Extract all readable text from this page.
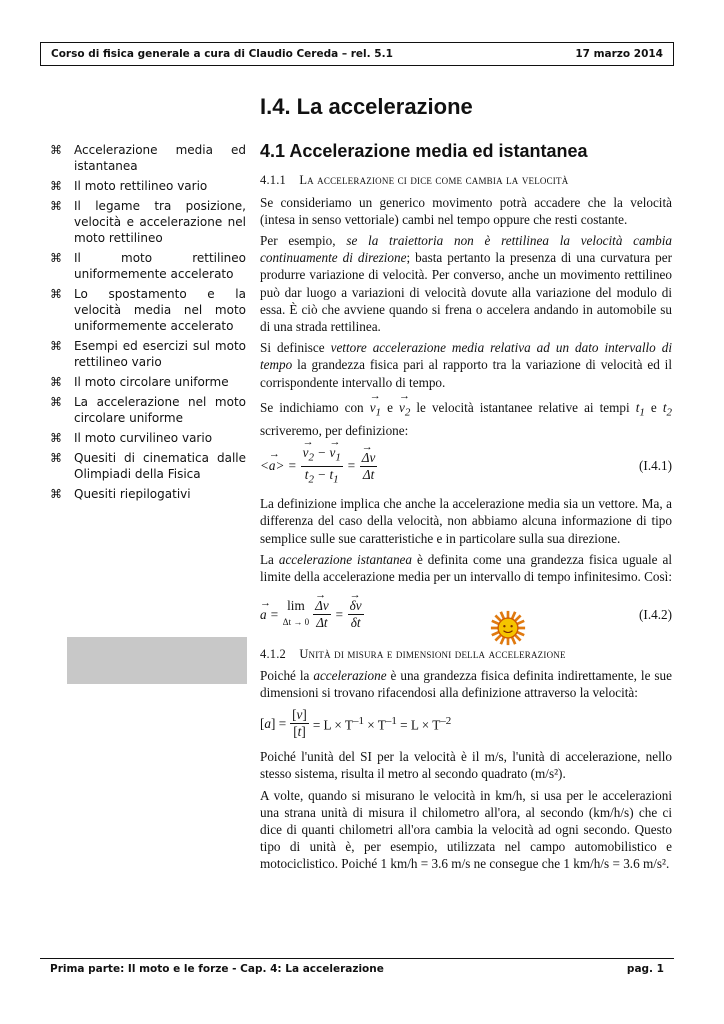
Corso di fisica generale a cura di Claudio Cereda – rel. 5.1	17 marzo 2014
⌘	Accelerazione media ed istantanea
⌘	Il moto rettilineo vario
⌘	Il legame tra posizione, velocità e accelerazione nel moto rettilineo
⌘	Il moto rettilineo uniformemente accelerato
⌘	Lo spostamento e la velocità media nel moto uniformemente accelerato
⌘	Esempi ed esercizi sul moto rettilineo vario
⌘	Il moto circolare uniforme
⌘	La accelerazione nel moto circolare uniforme
⌘	Il moto curvilineo vario
⌘	Quesiti di cinematica dalle Olimpiadi della Fisica
⌘	Quesiti riepilogativi
I.4. La accelerazione
4.1 Accelerazione media ed istantanea
4.1.1 La accelerazione ci dice come cambia la velocità

Se consideriamo un generico movimento potrà accadere che la velocità (intesa in senso vettoriale) cambi nel tempo oppure che resti costante.

Per esempio, se la traiettoria non è rettilinea la velocità cambia continuamente di direzione; basta pertanto la presenza di una curvatura per produrre variazione di velocità. Per converso, anche un movimento rettilineo può dar luogo a variazioni di velocità dovute alla variazione del modulo di essa. È ciò che avviene quando si frena o accelera andando in automobile su di una strada rettilinea.

Si definisce vettore accelerazione media relativa ad un dato intervallo di tempo la grandezza fisica pari al rapporto tra la variazione di velocità ed il corrispondente intervallo di tempo.

Se indichiamo con → $v_1$ $e \to v_2$ le velocità istantanee relative ai tempi $t_1$ e $t_2$ scriveremo, per definizione:

<→ a> =
→ $\frac{v_2 - \to v_1}{t_2 - t_1}$ =
→ $\frac{\Delta v}{\Delta t}$	(I.4.1)

La definizione implica che anche la accelerazione media sia un vettore. Ma, a differenza del caso della velocità, non abbiamo alcuna informazione di tipo semplice sulle sue caratteristiche e in particolare sulla sua direzione.

La accelerazione istantanea è definita come una grandezza fisica uguale al limite della accelerazione media per un intervallo di tempo infinitesimo. Così:

→ a =
lim
Δt → 0
→ $\frac{\Delta v}{\Delta t}$ =
→ $\frac{\delta v}{\delta t}$	(I.4.2)
4.1.2 Unità di misura e dimensioni della accelerazione

Poiché la accelerazione è una grandezza fisica definita indirettamente, le sue dimensioni si trovano rifacendosi alla definizione attraverso la velocità:

$[a] = \frac{[v]}{[t]} = L \times T^{-1} \times T^{-1} = L \times T^{-2}$

Poiché l'unità del SI per la velocità è il m/s, l'unità di accelerazione, nello stesso sistema, risulta il metro al secondo quadrato (m/s²).

A volte, quando si misurano le velocità in km/h, si usa per le accelerazioni una strana unità di misura il chilometro all'ora, al secondo (km/h/s) che ci dice di quanti chilometri all'ora cambia la velocità ad ogni secondo. Questo tipo di unità è, per esempio, utilizzata nel campo automobilistico e motociclistico. Poiché 1 km/h = 3.6 m/s ne consegue che 1 km/h/s = 3.6 m/s².

Prima parte: Il moto e le forze - Cap. 4: La accelerazione	pag. 1
